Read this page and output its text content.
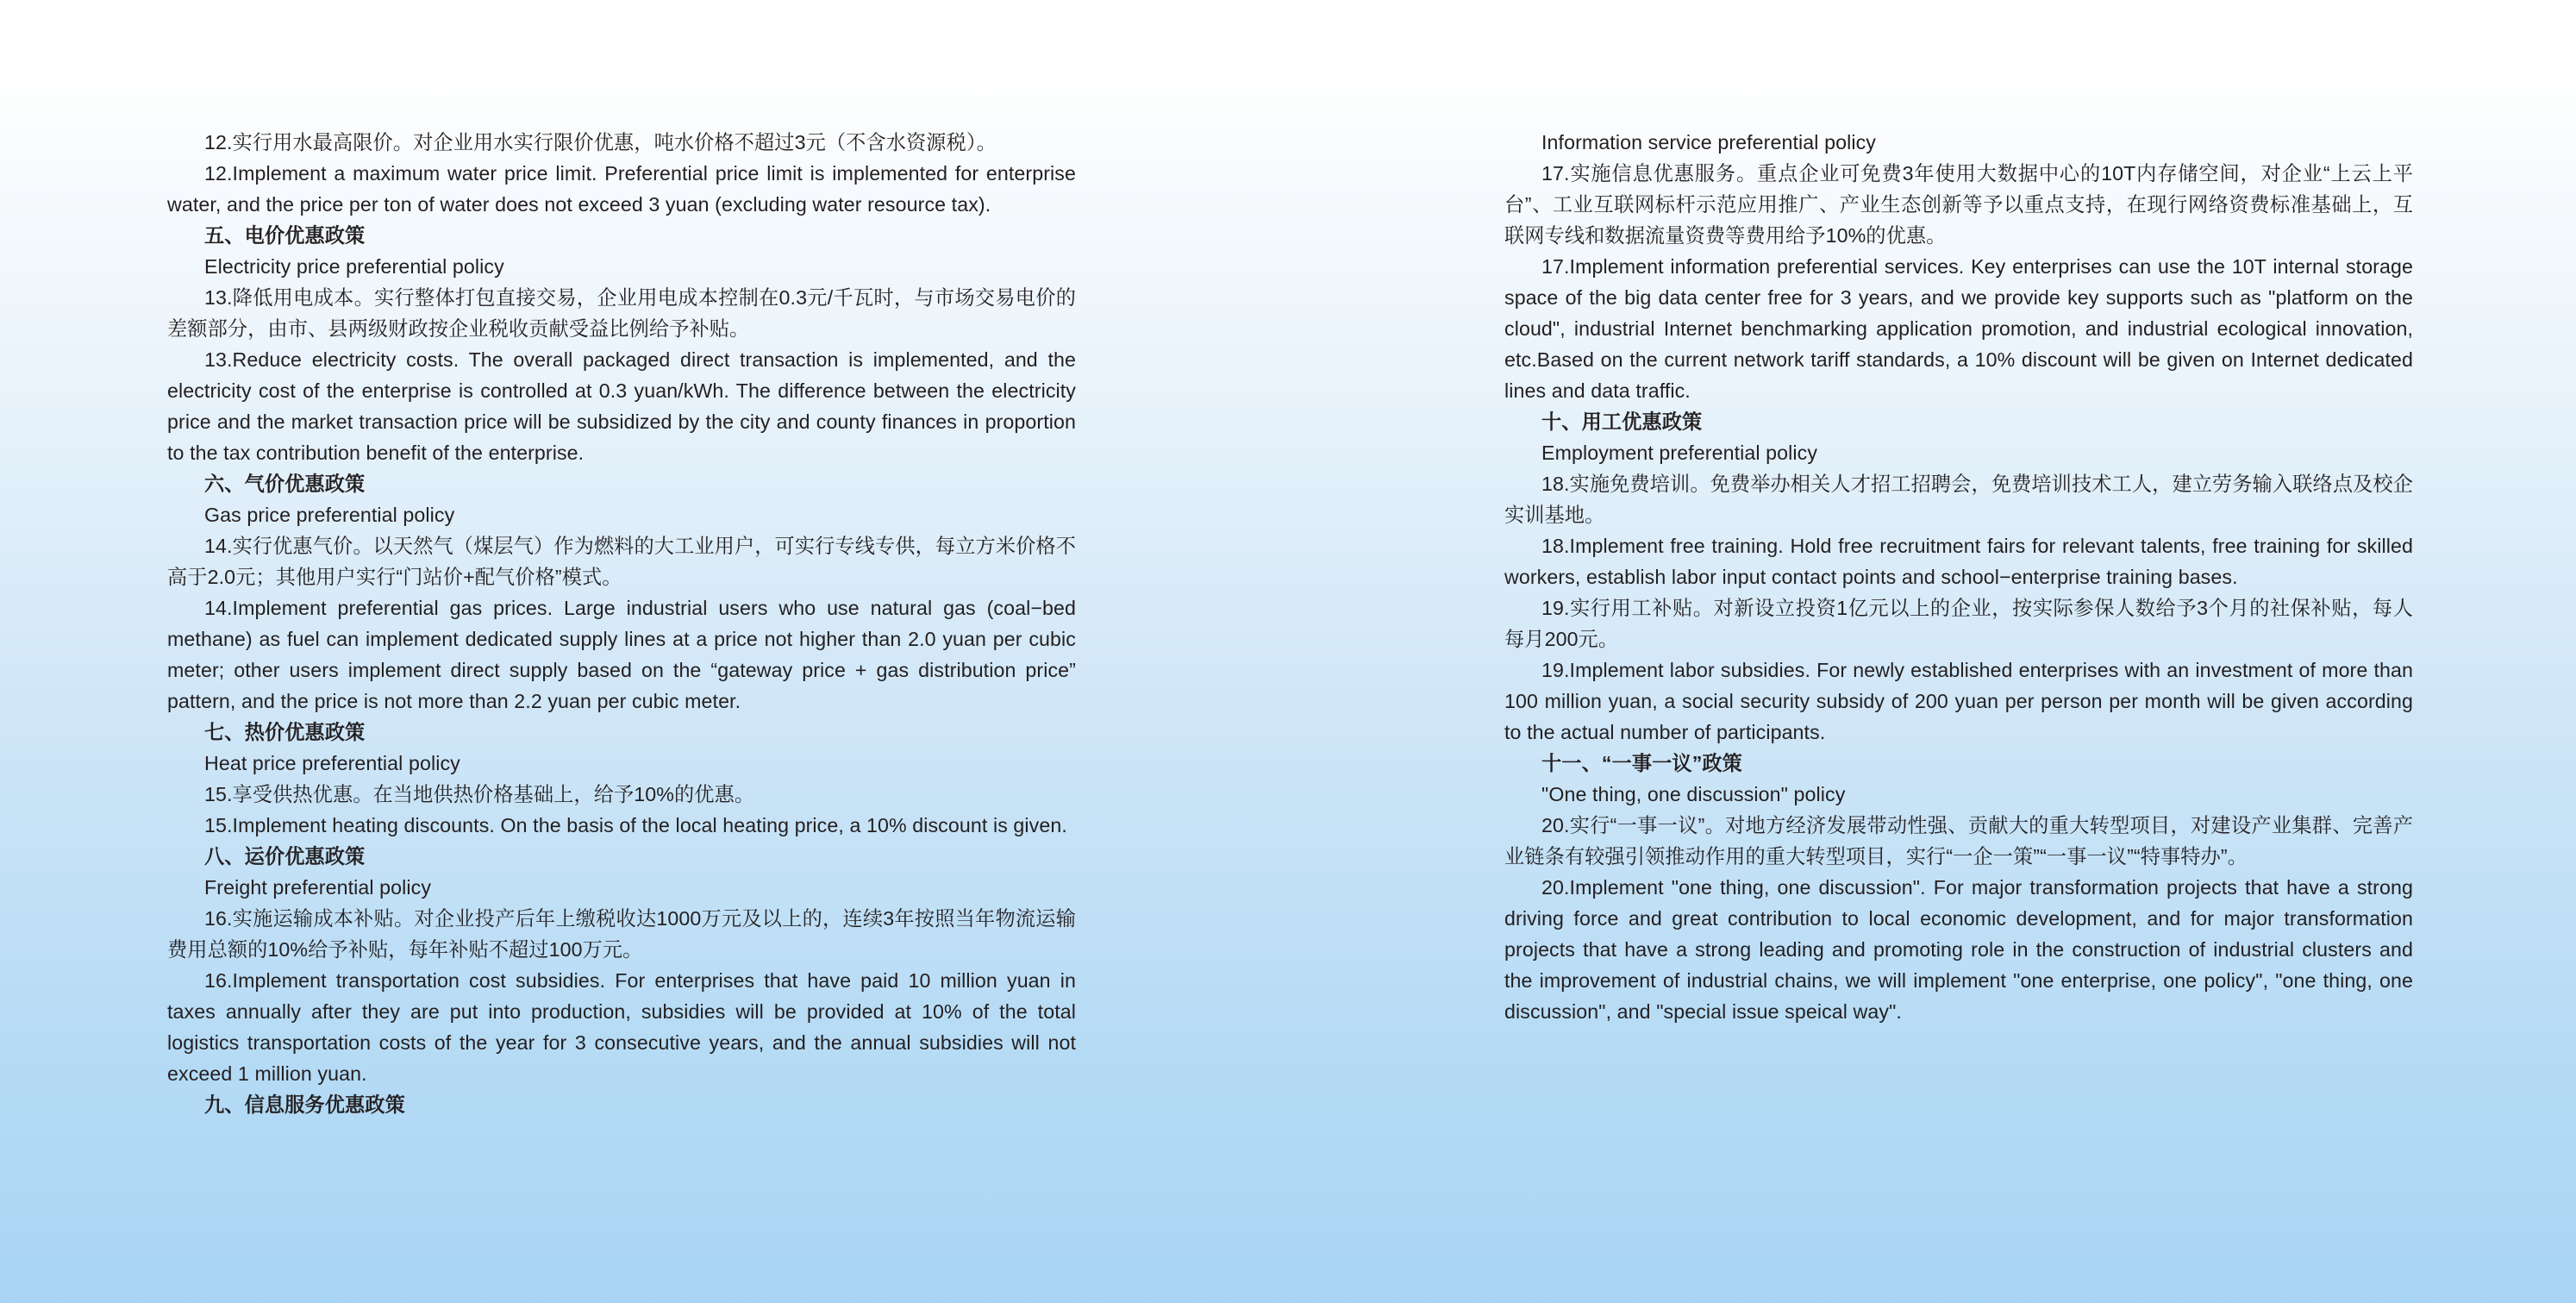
12.实行用水最高限价。对企业用水实行限价优惠，吨水价格不超过3元（不含水资源税）。

12.Implement a maximum water price limit. Preferential price limit is implemented for enterprise water, and the price per ton of water does not exceed 3 yuan (excluding water resource tax).

五、电价优惠政策

Electricity price preferential policy

13.降低用电成本。实行整体打包直接交易，企业用电成本控制在0.3元/千瓦时，与市场交易电价的差额部分，由市、县两级财政按企业税收贡献受益比例给予补贴。

13.Reduce electricity costs. The overall packaged direct transaction is implemented, and the electricity cost of the enterprise is controlled at 0.3 yuan/kWh. The difference between the electricity price and the market transaction price will be subsidized by the city and county finances in proportion to the tax contribution benefit of the enterprise.

六、气价优惠政策

Gas price preferential policy

14.实行优惠气价。以天然气（煤层气）作为燃料的大工业用户，可实行专线专供，每立方米价格不高于2.0元；其他用户实行“门站价+配气价格”模式。

14.Implement preferential gas prices. Large industrial users who use natural gas (coal−bed methane) as fuel can implement dedicated supply lines at a price not higher than 2.0 yuan per cubic meter; other users implement direct supply based on the “gateway price + gas distribution price” pattern, and the price is not more than 2.2 yuan per cubic meter.

七、热价优惠政策

Heat price preferential policy

15.享受供热优惠。在当地供热价格基础上，给予10%的优惠。

15.Implement heating discounts. On the basis of the local heating price, a 10% discount is given.

八、运价优惠政策

Freight preferential policy

16.实施运输成本补贴。对企业投产后年上缴税收达1000万元及以上的，连续3年按照当年物流运输费用总额的10%给予补贴，每年补贴不超过100万元。

16.Implement transportation cost subsidies. For enterprises that have paid 10 million yuan in taxes annually after they are put into production, subsidies will be provided at 10% of the total logistics transportation costs of the year for 3 consecutive years, and the annual subsidies will not exceed 1 million yuan.

九、信息服务优惠政策

Information service preferential policy

17.实施信息优惠服务。重点企业可免费3年使用大数据中心的10T内存储空间，对企业“上云上平台”、工业互联网标杆示范应用推广、产业生态创新等予以重点支持，在现行网络资费标准基础上，互联网专线和数据流量资费等费用给予10%的优惠。

17.Implement information preferential services. Key enterprises can use the 10T internal storage space of the big data center free for 3 years, and we provide key supports such as "platform on the cloud", industrial Internet benchmarking application promotion, and industrial ecological innovation, etc.Based on the current network tariff standards, a 10% discount will be given on Internet dedicated lines and data traffic.

十、用工优惠政策

Employment preferential policy

18.实施免费培训。免费举办相关人才招工招聘会，免费培训技术工人，建立劳务输入联络点及校企实训基地。

18.Implement free training. Hold free recruitment fairs for relevant talents, free training for skilled workers, establish labor input contact points and school−enterprise training bases.

19.实行用工补贴。对新设立投资1亿元以上的企业，按实际参保人数给予3个月的社保补贴，每人每月200元。

19.Implement labor subsidies. For newly established enterprises with an investment of more than 100 million yuan, a social security subsidy of 200 yuan per person per month will be given according to the actual number of participants.

十一、“一事一议”政策

"One thing, one discussion" policy

20.实行“一事一议”。对地方经济发展带动性强、贡献大的重大转型项目，对建设产业集群、完善产业链条有较强引领推动作用的重大转型项目，实行“一企一策”“一事一议”“特事特办”。

20.Implement "one thing, one discussion". For major transformation projects that have a strong driving force and great contribution to local economic development, and for major transformation projects that have a strong leading and promoting role in the construction of industrial clusters and the improvement of industrial chains, we will implement "one enterprise, one policy", "one thing, one discussion", and "special issue speical way".
